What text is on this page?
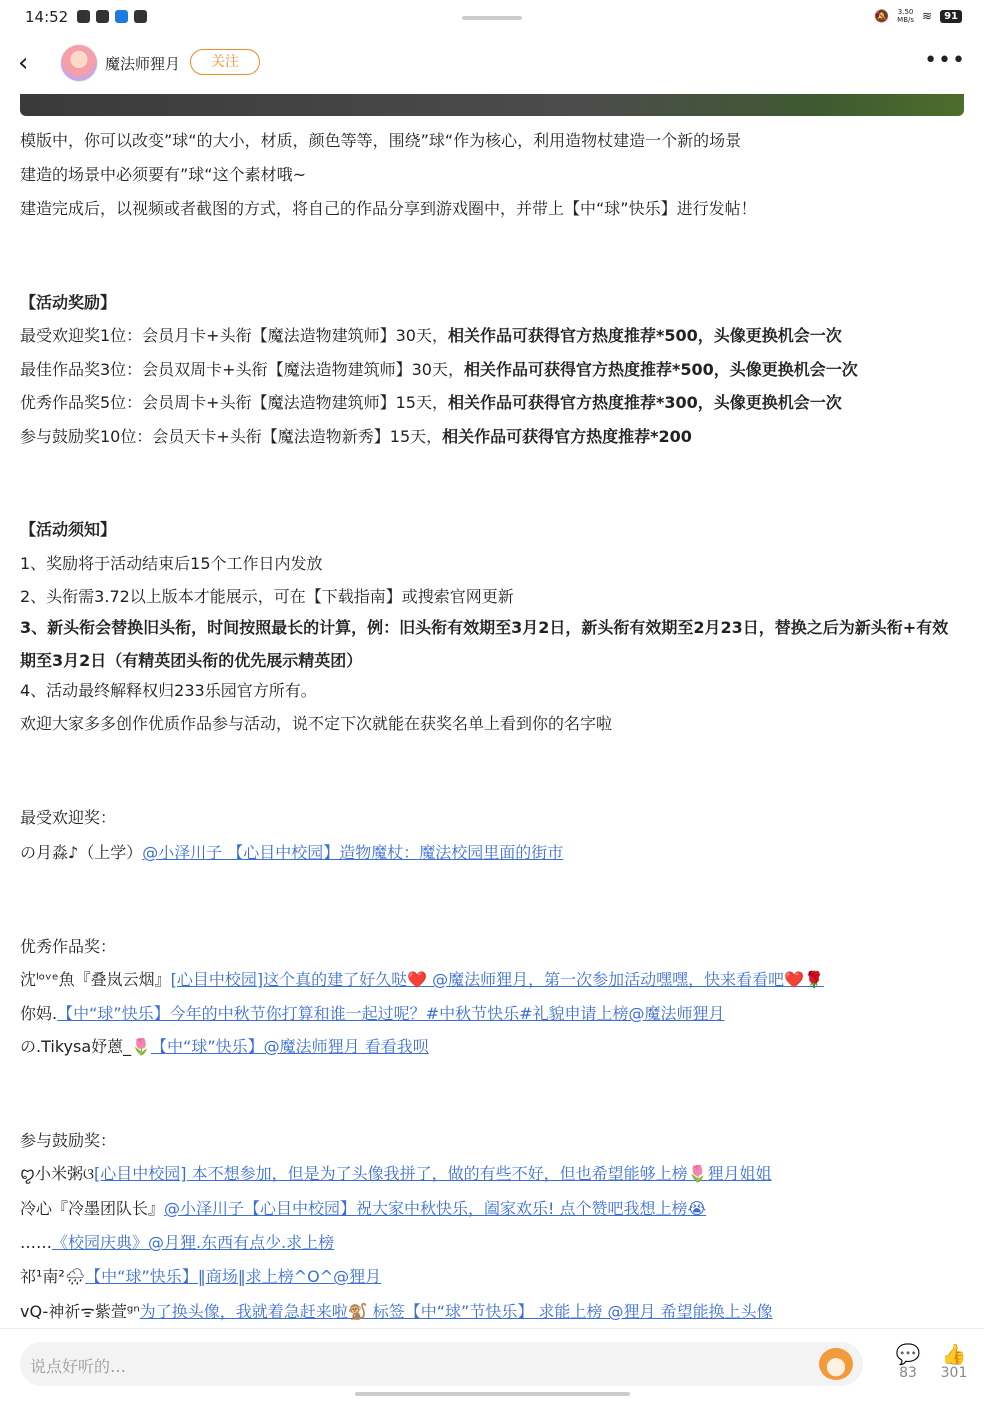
14:52	🔕 3.50
MB/s ≋	91
‹	魔法师狸月	关注	•••
模版中，你可以改变”球“的大小，材质，颜色等等，围绕”球“作为核心，利用造物杖建造一个新的场景
建造的场景中必须要有”球“这个素材哦~
建造完成后，以视频或者截图的方式，将自己的作品分享到游戏圈中，并带上【中“球”快乐】进行发帖！
【活动奖励】
最受欢迎奖1位：会员月卡+头衔【魔法造物建筑师】30天，相关作品可获得官方热度推荐*500，头像更换机会一次
最佳作品奖3位：会员双周卡+头衔【魔法造物建筑师】30天，相关作品可获得官方热度推荐*500，头像更换机会一次
优秀作品奖5位：会员周卡+头衔【魔法造物建筑师】15天，相关作品可获得官方热度推荐*300，头像更换机会一次
参与鼓励奖10位：会员天卡+头衔【魔法造物新秀】15天，相关作品可获得官方热度推荐*200
【活动须知】
1、奖励将于活动结束后15个工作日内发放
2、头衔需3.72以上版本才能展示，可在【下载指南】或搜索官网更新
3、新头衔会替换旧头衔，时间按照最长的计算，例：旧头衔有效期至3月2日，新头衔有效期至2月23日，替换之后为新头衔+有效期至3月2日（有精英团头衔的优先展示精英团）
4、活动最终解释权归233乐园官方所有。
欢迎大家多多创作优质作品参与活动，说不定下次就能在获奖名单上看到你的名字啦
最受欢迎奖：
の月淼♪（上学）@小泽川子 【心目中校园】造物魔杖：魔法校园里面的街市
优秀作品奖：
沈ˡᵒᵛᵉ魚『叠岚云烟』[心目中校园]这个真的建了好久哒❤️ @魔法师狸月，第一次参加活动嘿嘿，快来看看吧❤️🌹
你妈.【中“球”快乐】今年的中秋节你打算和谁一起过呢？#中秋节快乐#礼貌申请上榜@魔法师狸月
の.Tikysa妤蒽_🌷【中“球”快乐】@魔法师狸月 看看我呗
参与鼓励奖：
ꨄ小米粥ଓ[心目中校园] 本不想参加，但是为了头像我拼了，做的有些不好，但也希望能够上榜🌷狸月姐姐
冷心『冷墨团队长』@小泽川子【心目中校园】祝大家中秋快乐，阖家欢乐! 点个赞吧我想上榜😭
……《校园庆典》@月狸.东西有点少.求上榜
祁¹南²🌧【中“球”快乐】‖商场‖求上榜^O^@狸月
vQ-神祈ᯤ紫萱ᵍⁿ为了换头像，我就着急赶来啦🐒 标签【中“球”节快乐】 求能上榜 @狸月 希望能换上头像
说点好听的…
💬
83
👍
301
